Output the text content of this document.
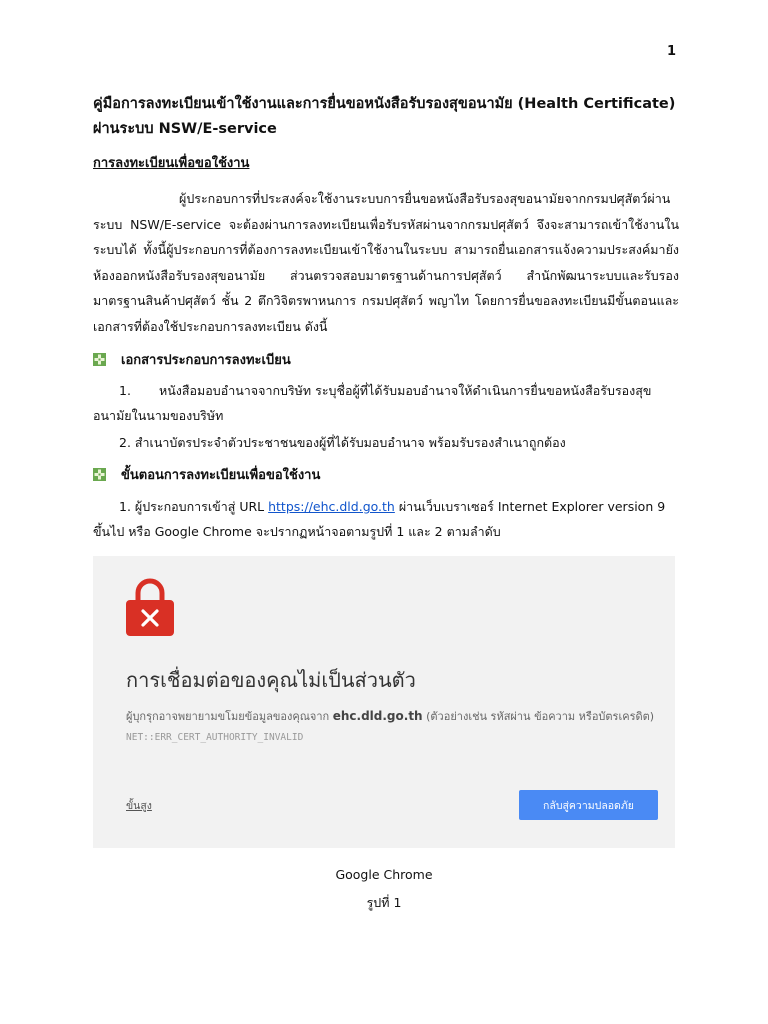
1
คู่มือการลงทะเบียนเข้าใช้งานและการยื่นขอหนังสือรับรองสุขอนามัย (Health Certificate) ผ่านระบบ NSW/E-service
การลงทะเบียนเพื่อขอใช้งาน
ผู้ประกอบการที่ประสงค์จะใช้งานระบบการยื่นขอหนังสือรับรองสุขอนามัยจากกรมปศุสัตว์ผ่านระบบ NSW/E-service จะต้องผ่านการลงทะเบียนเพื่อรับรหัสผ่านจากกรมปศุสัตว์ จึงจะสามารถเข้าใช้งานในระบบได้ ทั้งนี้ผู้ประกอบการที่ต้องการลงทะเบียนเข้าใช้งานในระบบ สามารถยื่นเอกสารแจ้งความประสงค์มายัง ห้องออกหนังสือรับรองสุขอนามัย ส่วนตรวจสอบมาตรฐานด้านการปศุสัตว์ สำนักพัฒนาระบบและรับรองมาตรฐานสินค้าปศุสัตว์ ชั้น 2 ตึกวิจิตรพาหนการ กรมปศุสัตว์ พญาไท โดยการยื่นขอลงทะเบียนมีขั้นตอนและเอกสารที่ต้องใช้ประกอบการลงทะเบียน ดังนี้
เอกสารประกอบการลงทะเบียน
1. หนังสือมอบอำนาจจากบริษัท ระบุชื่อผู้ที่ได้รับมอบอำนาจให้ดำเนินการยื่นขอหนังสือรับรองสุขอนามัยในนามของบริษัท
2. สำเนาบัตรประจำตัวประชาชนของผู้ที่ได้รับมอบอำนาจ พร้อมรับรองสำเนาถูกต้อง
ขั้นตอนการลงทะเบียนเพื่อขอใช้งาน
1. ผู้ประกอบการเข้าสู่ URL https://ehc.dld.go.th ผ่านเว็บเบราเซอร์ Internet Explorer version 9 ขึ้นไป หรือ Google Chrome จะปรากฏหน้าจอตามรูปที่ 1 และ 2 ตามลำดับ
การเชื่อมต่อของคุณไม่เป็นส่วนตัว
ผู้บุกรุกอาจพยายามขโมยข้อมูลของคุณจาก ehc.dld.go.th (ตัวอย่างเช่น รหัสผ่าน ข้อความ หรือบัตรเครดิต) NET::ERR_CERT_AUTHORITY_INVALID
ขั้นสูง	กลับสู่ความปลอดภัย
Google Chrome
รูปที่ 1
